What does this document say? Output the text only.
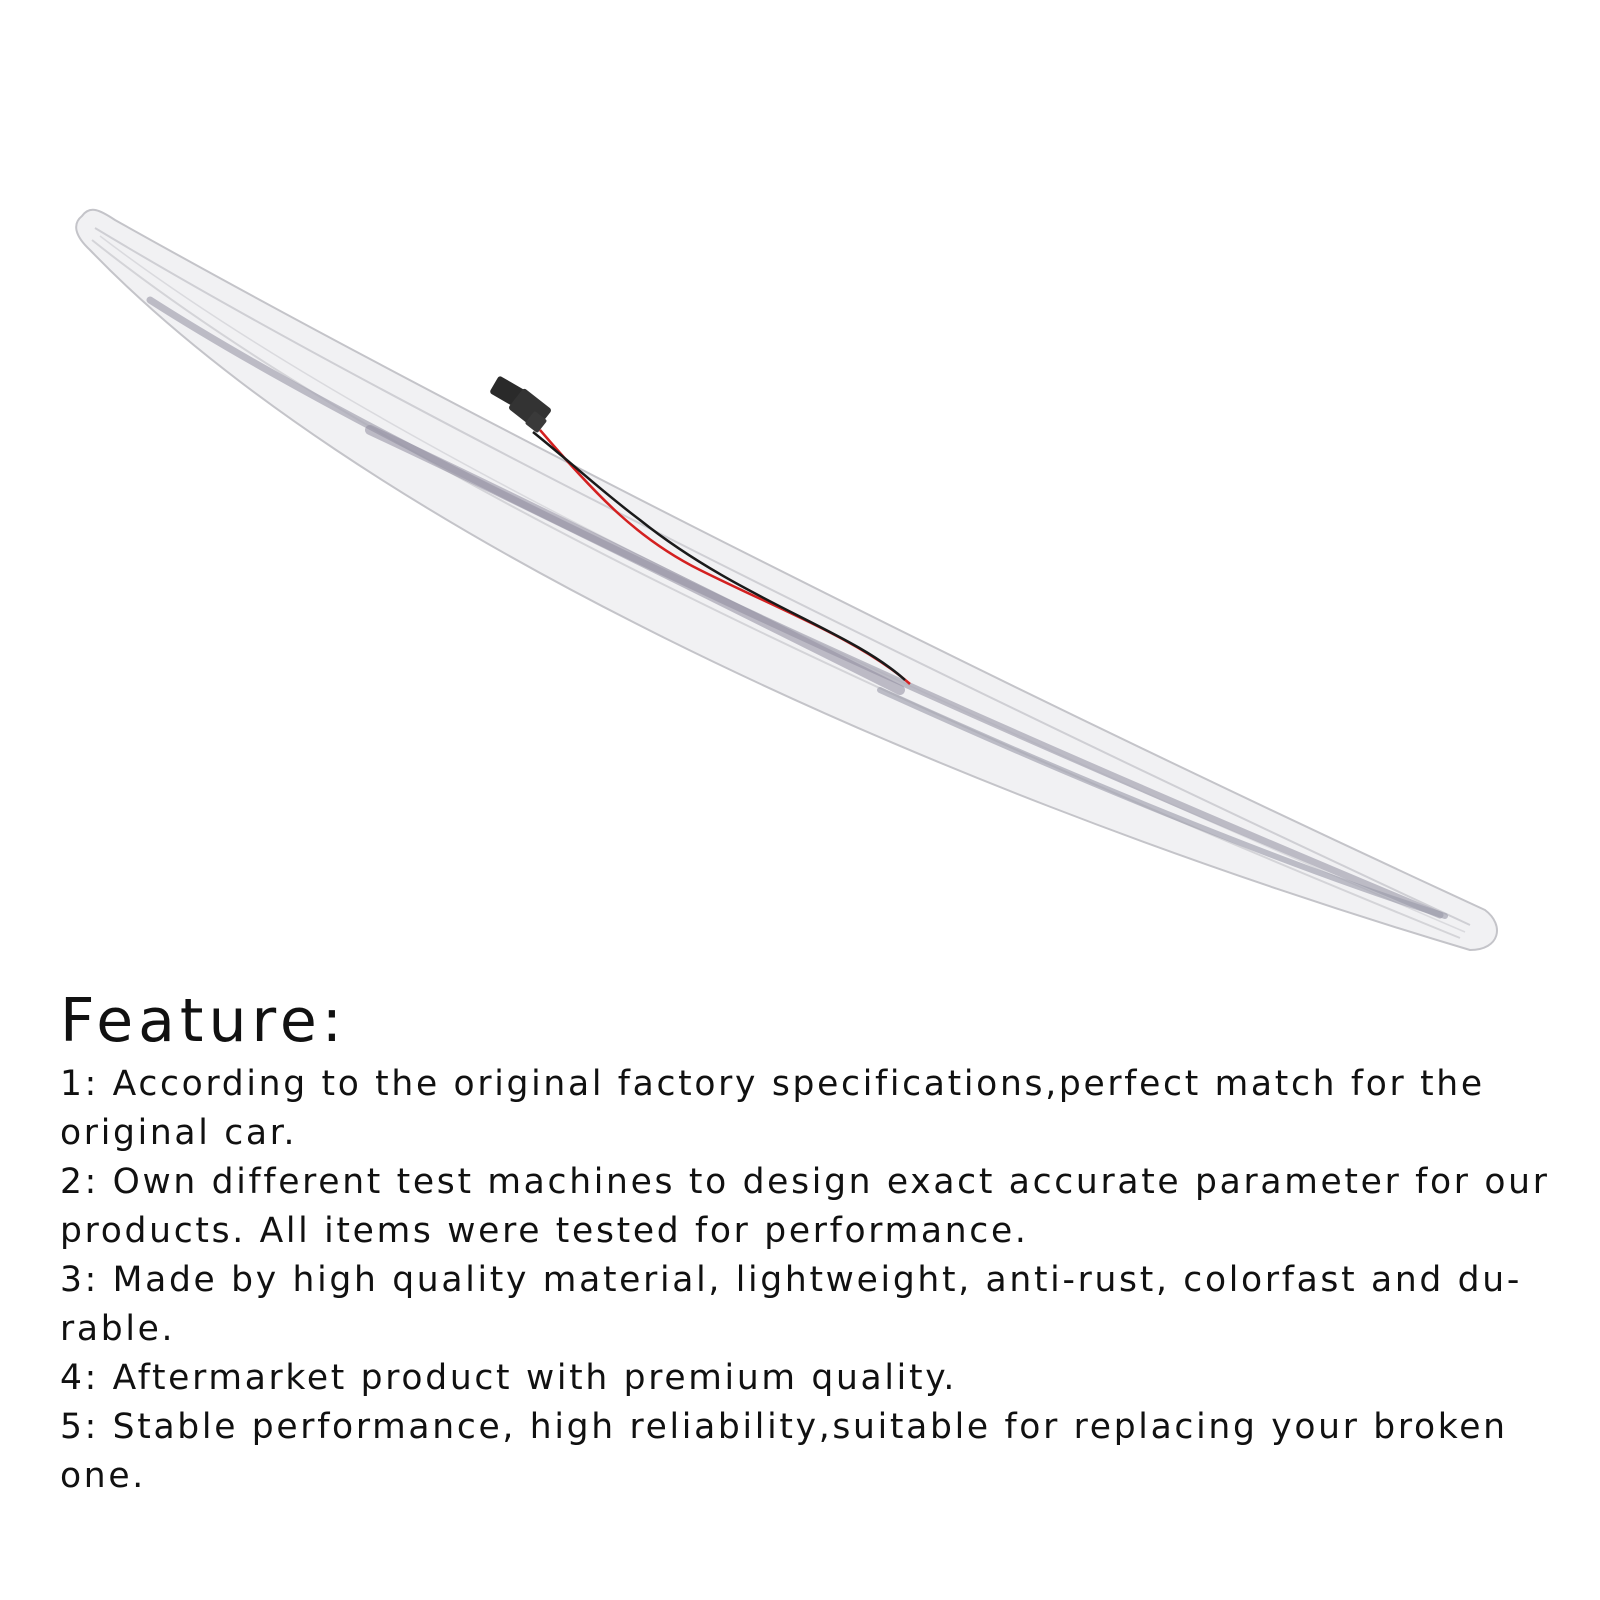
Feature:
1: According to the original factory specifications,perfect match for the original car.
2: Own different test machines to design exact accurate parameter for our products. All items were tested for performance.
3: Made by high quality material, lightweight, anti-rust, colorfast and du-rable.
4: Aftermarket product with premium quality.
5: Stable performance, high reliability,suitable for replacing your broken one.
